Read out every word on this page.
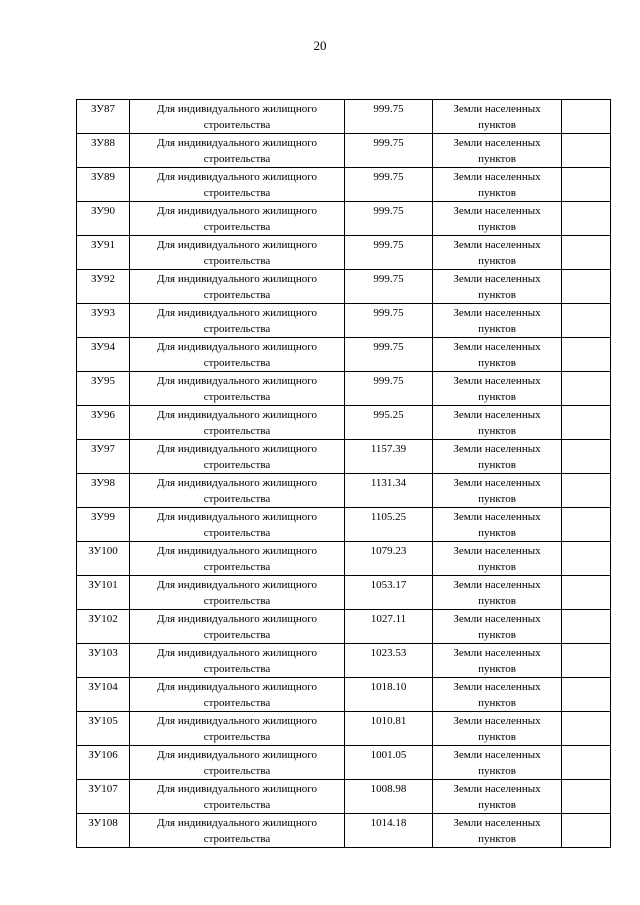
20
ЗУ87	Для индивидуального жилищного
строительства	999.75	Земли населенных
пунктов	

ЗУ88	Для индивидуального жилищного
строительства	999.75	Земли населенных
пунктов	

ЗУ89	Для индивидуального жилищного
строительства	999.75	Земли населенных
пунктов	

ЗУ90	Для индивидуального жилищного
строительства	999.75	Земли населенных
пунктов	

ЗУ91	Для индивидуального жилищного
строительства	999.75	Земли населенных
пунктов	

ЗУ92	Для индивидуального жилищного
строительства	999.75	Земли населенных
пунктов	

ЗУ93	Для индивидуального жилищного
строительства	999.75	Земли населенных
пунктов	

ЗУ94	Для индивидуального жилищного
строительства	999.75	Земли населенных
пунктов	

ЗУ95	Для индивидуального жилищного
строительства	999.75	Земли населенных
пунктов	

ЗУ96	Для индивидуального жилищного
строительства	995.25	Земли населенных
пунктов	

ЗУ97	Для индивидуального жилищного
строительства	1157.39	Земли населенных
пунктов	

ЗУ98	Для индивидуального жилищного
строительства	1131.34	Земли населенных
пунктов	

ЗУ99	Для индивидуального жилищного
строительства	1105.25	Земли населенных
пунктов	

ЗУ100	Для индивидуального жилищного
строительства	1079.23	Земли населенных
пунктов	

ЗУ101	Для индивидуального жилищного
строительства	1053.17	Земли населенных
пунктов	

ЗУ102	Для индивидуального жилищного
строительства	1027.11	Земли населенных
пунктов	

ЗУ103	Для индивидуального жилищного
строительства	1023.53	Земли населенных
пунктов	

ЗУ104	Для индивидуального жилищного
строительства	1018.10	Земли населенных
пунктов	

ЗУ105	Для индивидуального жилищного
строительства	1010.81	Земли населенных
пунктов	

ЗУ106	Для индивидуального жилищного
строительства	1001.05	Земли населенных
пунктов	

ЗУ107	Для индивидуального жилищного
строительства	1008.98	Земли населенных
пунктов	

ЗУ108	Для индивидуального жилищного
строительства	1014.18	Земли населенных
пунктов	
